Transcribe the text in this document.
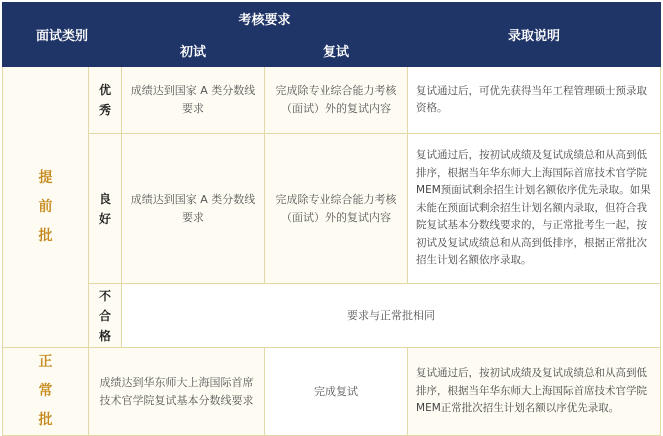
面试类别		考核要求		录取说明
		初试	复试	

提
前
批	优
秀	成绩达到国家 A 类分数线要求	完成除专业综合能力考核（面试）外的复试内容	复试通过后，可优先获得当年工程管理硕士预录取资格。

	良
好	成绩达到国家 A 类分数线要求	完成除专业综合能力考核（面试）外的复试内容	复试通过后，按初试成绩及复试成绩总和从高到低排序，根据当年华东师大上海国际首席技术官学院MEM预面试剩余招生计划名额依序优先录取。如果未能在预面试剩余招生计划名额内录取，但符合我院复试基本分数线要求的，与正常批考生一起，按初试及复试成绩总和从高到低排序，根据正常批次招生计划名额依序录取。

	不
合
格	要求与正常批相同		

正
常
批	成绩达到华东师大上海国际首席技术官学院复试基本分数线要求		完成复试	复试通过后，按初试成绩及复试成绩总和从高到低排序，根据当年华东师大上海国际首席技术官学院MEM正常批次招生计划名额以序优先录取。
